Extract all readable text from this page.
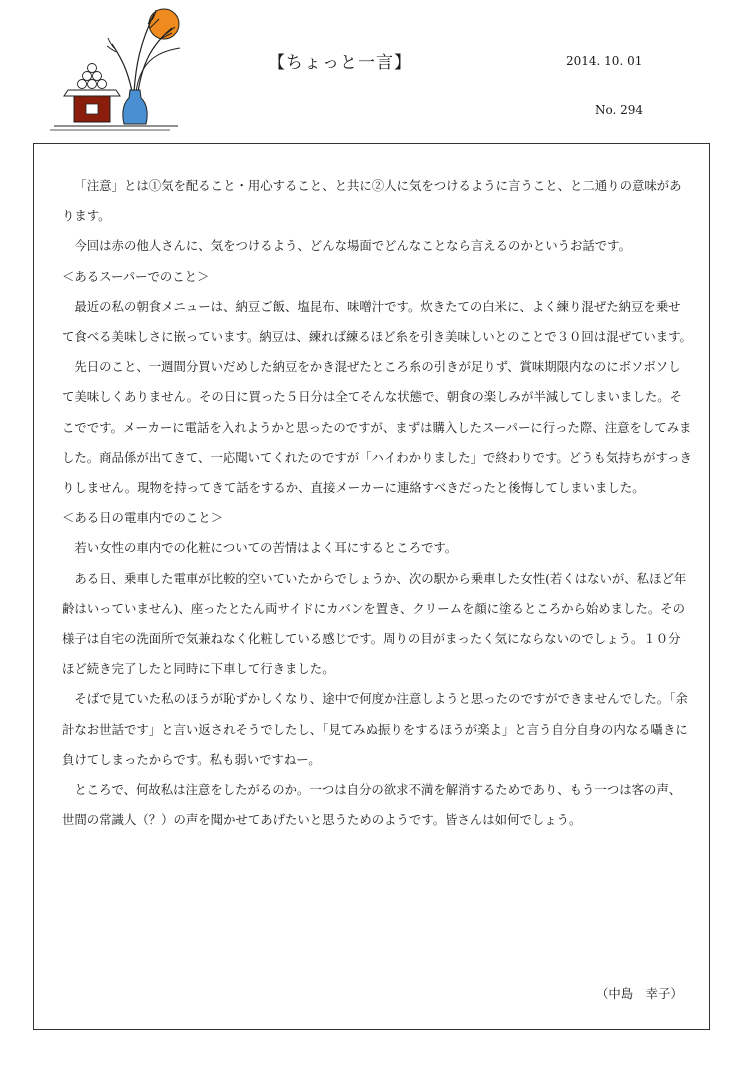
【ちょっと一言】	2014. 10. 01
No. 294

「注意」とは①気を配ること・用心すること、と共に②人に気をつけるように言うこと、と二通りの意味があります。

今回は赤の他人さんに、気をつけるよう、どんな場面でどんなことなら言えるのかというお話です。

＜あるスーパーでのこと＞

最近の私の朝食メニューは、納豆ご飯、塩昆布、味噌汁です。炊きたての白米に、よく練り混ぜた納豆を乗せて食べる美味しさに嵌っています。納豆は、練れば練るほど糸を引き美味しいとのことで３０回は混ぜています。

先日のこと、一週間分買いだめした納豆をかき混ぜたところ糸の引きが足りず、賞味期限内なのにボソボソして美味しくありません。その日に買った５日分は全てそんな状態で、朝食の楽しみが半減してしまいました。そこでです。メーカーに電話を入れようかと思ったのですが、まずは購入したスーパーに行った際、注意をしてみました。商品係が出てきて、一応聞いてくれたのですが「ハイわかりました」で終わりです。どうも気持ちがすっきりしません。現物を持ってきて話をするか、直接メーカーに連絡すべきだったと後悔してしまいました。

＜ある日の電車内でのこと＞

若い女性の車内での化粧についての苦情はよく耳にするところです。

ある日、乗車した電車が比較的空いていたからでしょうか、次の駅から乗車した女性(若くはないが、私ほど年齢はいっていません)、座ったとたん両サイドにカバンを置き、クリームを顔に塗るところから始めました。その様子は自宅の洗面所で気兼ねなく化粧している感じです。周りの目がまったく気にならないのでしょう。１０分ほど続き完了したと同時に下車して行きました。

そばで見ていた私のほうが恥ずかしくなり、途中で何度か注意しようと思ったのですができませんでした。「余計なお世話です」と言い返されそうでしたし、「見てみぬ振りをするほうが楽よ」と言う自分自身の内なる囁きに負けてしまったからです。私も弱いですねー。

ところで、何故私は注意をしたがるのか。一つは自分の欲求不満を解消するためであり、もう一つは客の声、世間の常識人（？）の声を聞かせてあげたいと思うためのようです。皆さんは如何でしょう。

（中島　幸子）
